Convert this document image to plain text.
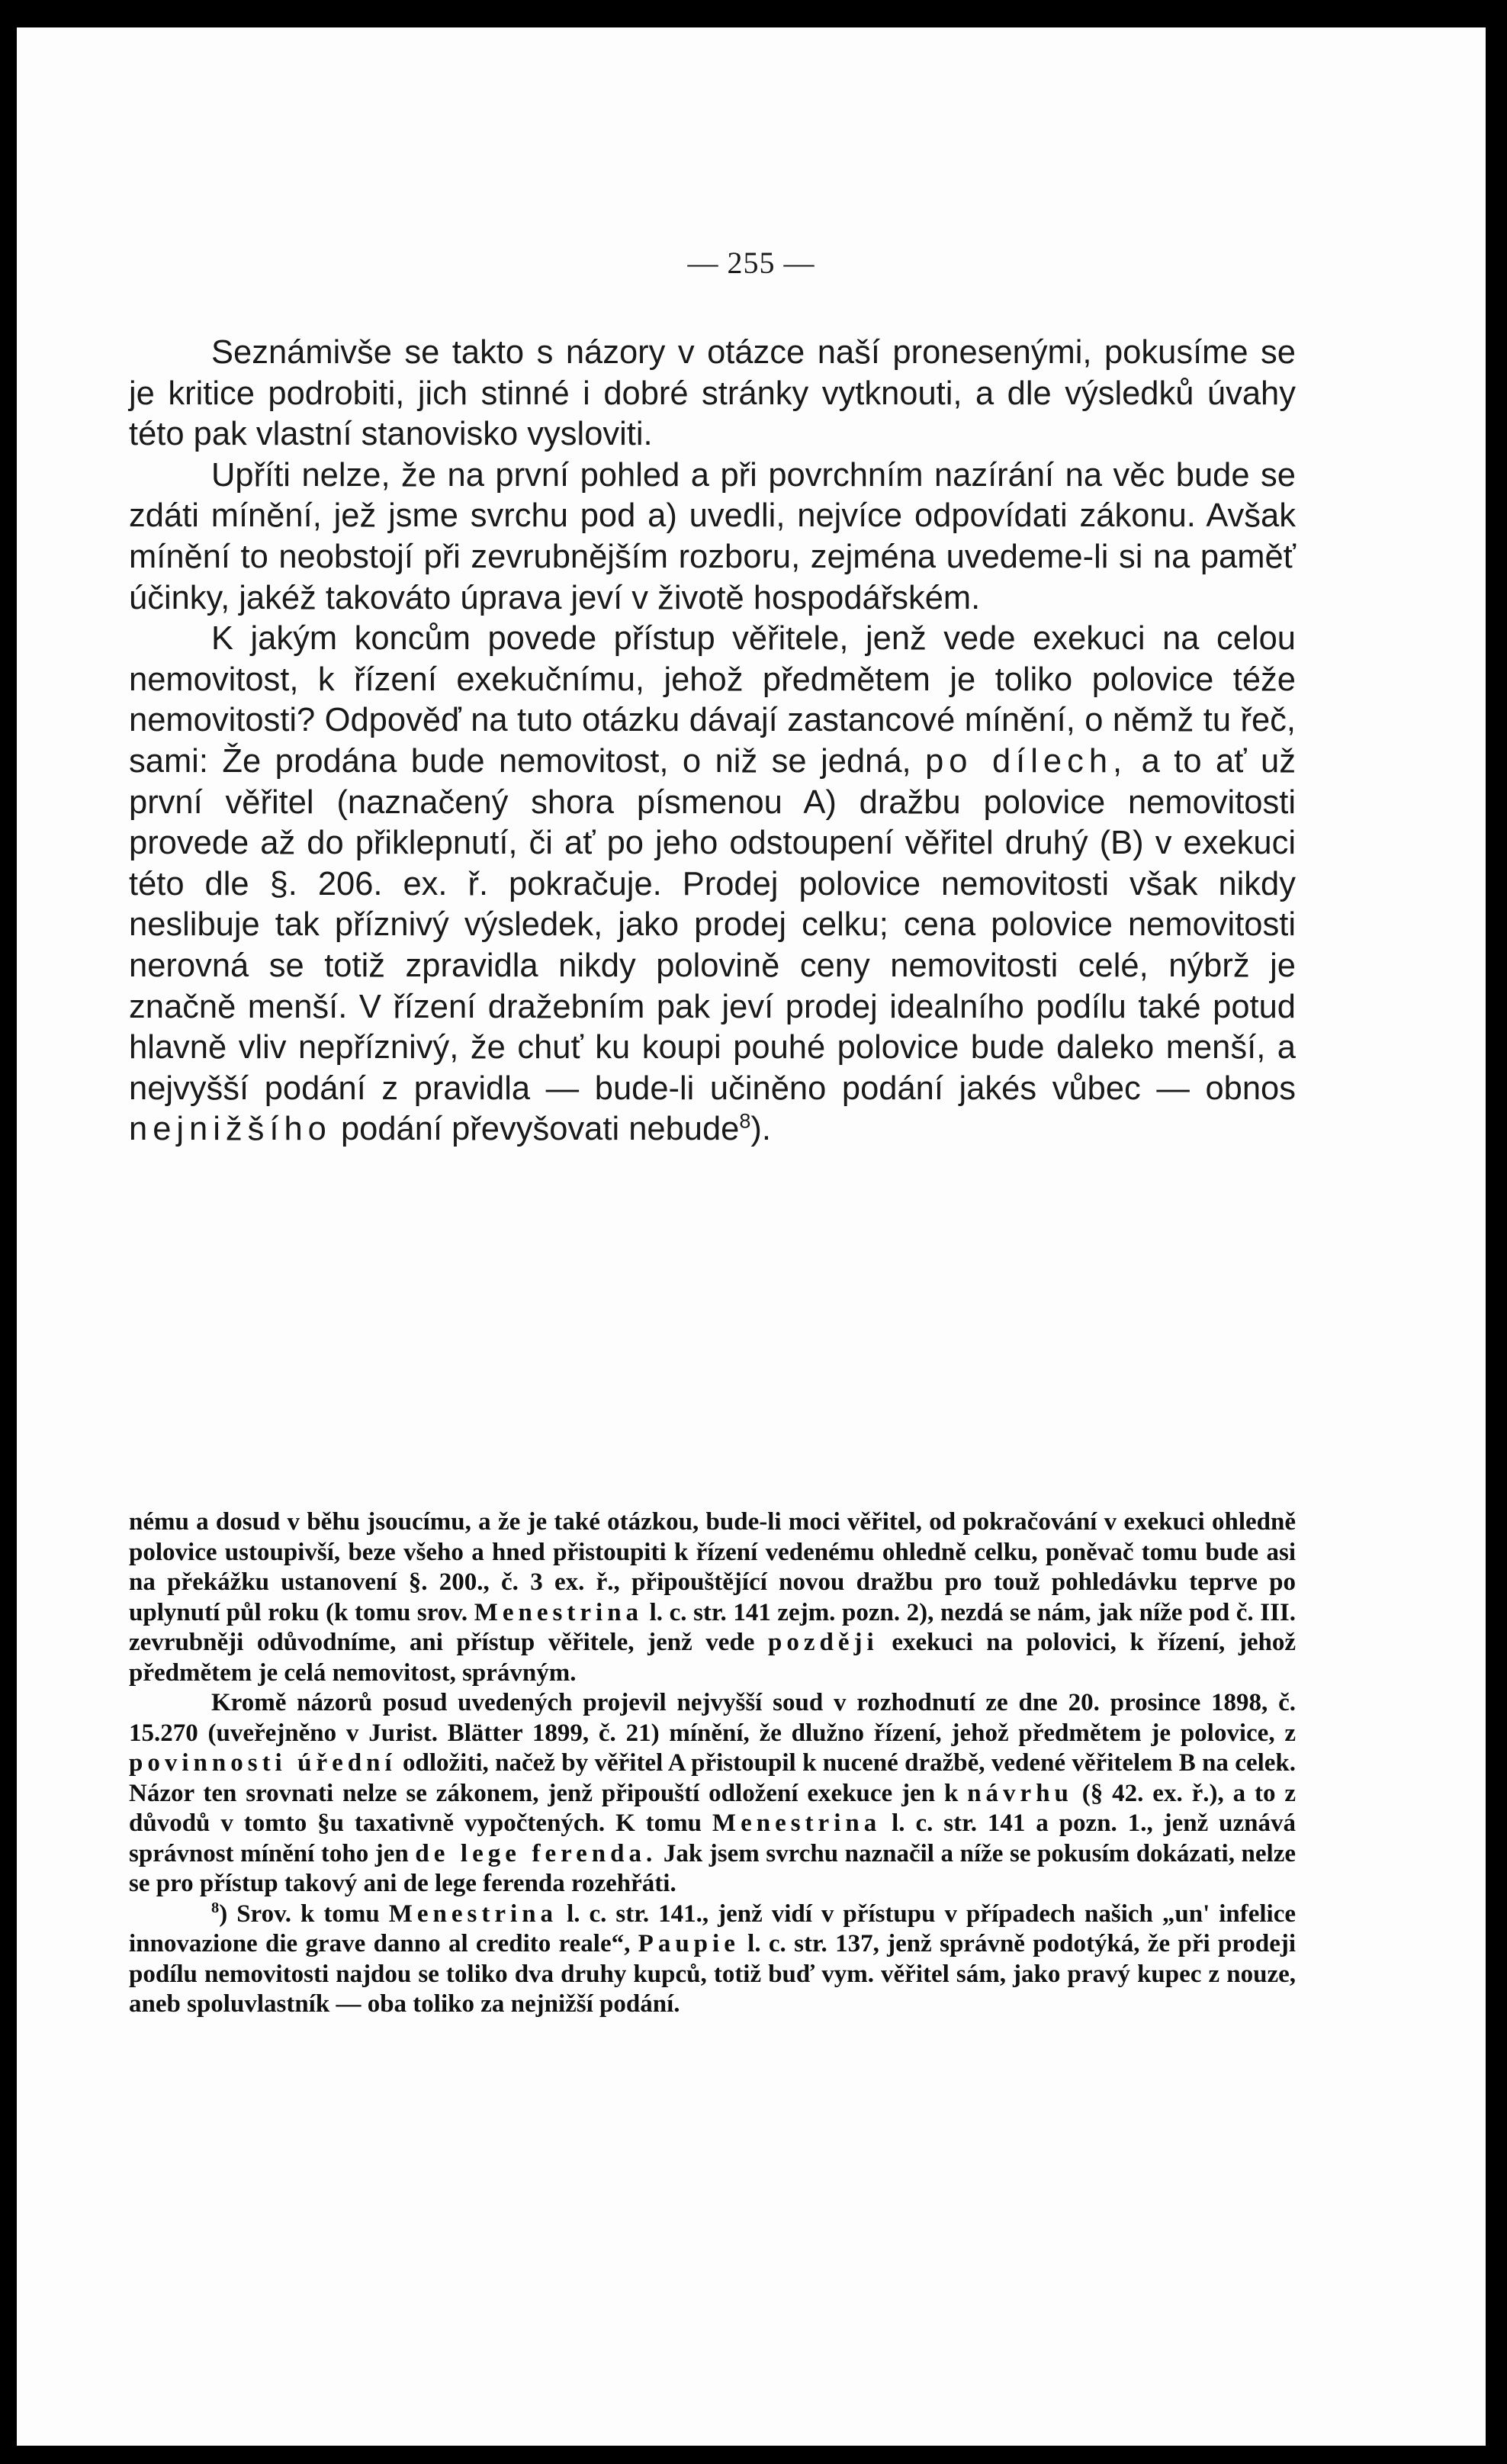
— 255 —

Seznámivše se takto s názory v otázce naší pronesenými, pokusíme se je kritice podrobiti, jich stinné i dobré stránky vytknouti, a dle výsledků úvahy této pak vlastní stanovisko vysloviti.

Upříti nelze, že na první pohled a při povrchním nazírání na věc bude se zdáti mínění, jež jsme svrchu pod a) uvedli, nejvíce odpovídati zákonu. Avšak mínění to neobstojí při zevrubnějším rozboru, zejména uvedeme-li si na paměť účinky, jakéž takováto úprava jeví v životě hospodářském.

K jakým koncům povede přístup věřitele, jenž vede exekuci na celou nemovitost, k řízení exekučnímu, jehož předmětem je toliko polovice téže nemovitosti? Odpověď na tuto otázku dávají zastancové mínění, o němž tu řeč, sami: Že prodána bude nemovitost, o niž se jedná, po dílech, a to ať už první věřitel (naznačený shora písmenou A) dražbu polovice nemovitosti provede až do přiklepnutí, či ať po jeho odstoupení věřitel druhý (B) v exekuci této dle §. 206. ex. ř. pokračuje. Prodej polovice nemovitosti však nikdy neslibuje tak příznivý výsledek, jako prodej celku; cena polovice nemovitosti nerovná se totiž zpravidla nikdy polovině ceny nemovitosti celé, nýbrž je značně menší. V řízení dražebním pak jeví prodej idealního podílu také potud hlavně vliv nepříznivý, že chuť ku koupi pouhé polovice bude daleko menší, a nejvyšší podání z pravidla — bude-li učiněno podání jakés vůbec — obnos nejnižšího podání převyšovati nebude$^8$).

nému a dosud v běhu jsoucímu, a že je také otázkou, bude-li moci věřitel, od pokračování v exekuci ohledně polovice ustoupivší, beze všeho a hned přistoupiti k řízení vedenému ohledně celku, poněvač tomu bude asi na překážku ustanovení §. 200., č. 3 ex. ř., připouštějící novou dražbu pro touž pohledávku teprve po uplynutí půl roku (k tomu srov. Menestrina l. c. str. 141 zejm. pozn. 2), nezdá se nám, jak níže pod č. III. zevrubněji odůvodníme, ani přístup věřitele, jenž vede později exekuci na polovici, k řízení, jehož předmětem je celá nemovitost, správným.

Kromě názorů posud uvedených projevil nejvyšší soud v rozhodnutí ze dne 20. prosince 1898, č. 15.270 (uveřejněno v Jurist. Blätter 1899, č. 21) mínění, že dlužno řízení, jehož předmětem je polovice, z povinnosti úřední odložiti, načež by věřitel A přistoupil k nucené dražbě, vedené věřitelem B na celek. Názor ten srovnati nelze se zákonem, jenž připouští odložení exekuce jen k návrhu (§ 42. ex. ř.), a to z důvodů v tomto §u taxativně vypočtených. K tomu Menestrina l. c. str. 141 a pozn. 1., jenž uznává správnost mínění toho jen de lege ferenda. Jak jsem svrchu naznačil a níže se pokusím dokázati, nelze se pro přístup takový ani de lege ferenda rozehřáti.

$^8$) Srov. k tomu Menestrina l. c. str. 141., jenž vidí v přístupu v případech našich „un' infelice innovazione die grave danno al credito reale“, Paupie l. c. str. 137, jenž správně podotýká, že při prodeji podílu nemovitosti najdou se toliko dva druhy kupců, totiž buď vym. věřitel sám, jako pravý kupec z nouze, aneb spoluvlastník — oba toliko za nejnižší podání.
